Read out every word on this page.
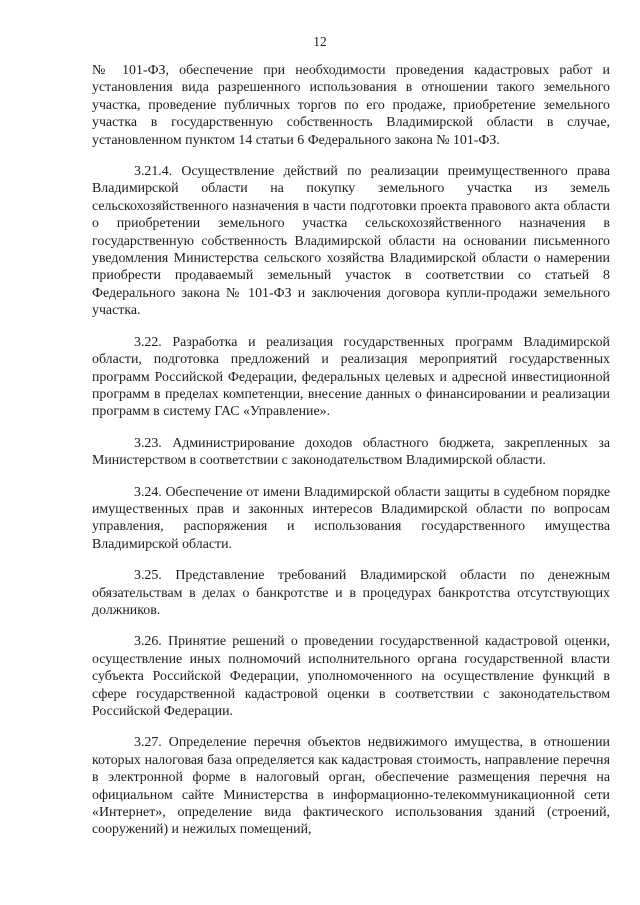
12

№ 101-ФЗ, обеспечение при необходимости проведения кадастровых работ и установления вида разрешенного использования в отношении такого земельного участка, проведение публичных торгов по его продаже, приобретение земельного участка в государственную собственность Владимирской области в случае, установленном пунктом 14 статьи 6 Федерального закона № 101-ФЗ.

3.21.4. Осуществление действий по реализации преимущественного права Владимирской области на покупку земельного участка из земель сельскохозяйственного назначения в части подготовки проекта правового акта области о приобретении земельного участка сельскохозяйственного назначения в государственную собственность Владимирской области на основании письменного уведомления Министерства сельского хозяйства Владимирской области о намерении приобрести продаваемый земельный участок в соответствии со статьей 8 Федерального закона № 101-ФЗ и заключения договора купли-продажи земельного участка.

3.22. Разработка и реализация государственных программ Владимирской области, подготовка предложений и реализация мероприятий государственных программ Российской Федерации, федеральных целевых и адресной инвестиционной программ в пределах компетенции, внесение данных о финансировании и реализации программ в систему ГАС «Управление».

3.23. Администрирование доходов областного бюджета, закрепленных за Министерством в соответствии с законодательством Владимирской области.

3.24. Обеспечение от имени Владимирской области защиты в судебном порядке имущественных прав и законных интересов Владимирской области по вопросам управления, распоряжения и использования государственного имущества Владимирской области.

3.25. Представление требований Владимирской области по денежным обязательствам в делах о банкротстве и в процедурах банкротства отсутствующих должников.

3.26. Принятие решений о проведении государственной кадастровой оценки, осуществление иных полномочий исполнительного органа государственной власти субъекта Российской Федерации, уполномоченного на осуществление функций в сфере государственной кадастровой оценки в соответствии с законодательством Российской Федерации.

3.27. Определение перечня объектов недвижимого имущества, в отношении которых налоговая база определяется как кадастровая стоимость, направление перечня в электронной форме в налоговый орган, обеспечение размещения перечня на официальном сайте Министерства в информационно-телекоммуникационной сети «Интернет», определение вида фактического использования зданий (строений, сооружений) и нежилых помещений,
